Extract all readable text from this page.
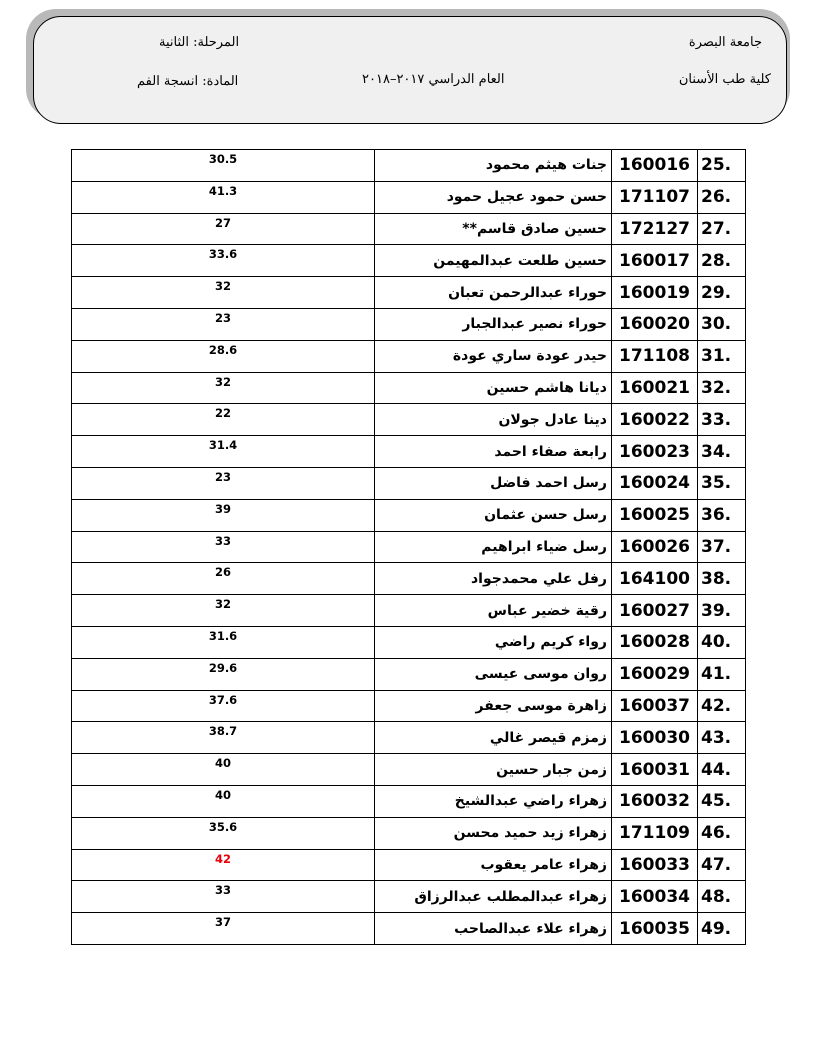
جامعة البصرة
كلية طب الأسنان
المرحلة: الثانية
المادة: انسجة الفم	العام الدراسي ٢٠١٧–٢٠١٨
30.5	جنات هيثم محمود	160016	25.
41.3	حسن حمود عجيل حمود	171107	26.
27	حسين صادق قاسم**	172127	27.
33.6	حسين طلعت عبدالمهيمن	160017	28.
32	حوراء عبدالرحمن تعبان	160019	29.
23	حوراء نصير عبدالجبار	160020	30.
28.6	حيدر عودة ساري عودة	171108	31.
32	ديانا هاشم حسين	160021	32.
22	دينا عادل جولان	160022	33.
31.4	رابعة صفاء احمد	160023	34.
23	رسل احمد فاضل	160024	35.
39	رسل حسن عثمان	160025	36.
33	رسل ضياء ابراهيم	160026	37.
26	رفل علي محمدجواد	164100	38.
32	رقية خضير عباس	160027	39.
31.6	رواء كريم راضي	160028	40.
29.6	روان موسى عيسى	160029	41.
37.6	زاهرة موسى جعفر	160037	42.
38.7	زمزم قيصر غالي	160030	43.
40	زمن جبار حسين	160031	44.
40	زهراء راضي عبدالشيخ	160032	45.
35.6	زهراء زيد حميد محسن	171109	46.
42	زهراء عامر يعقوب	160033	47.
33	زهراء عبدالمطلب عبدالرزاق	160034	48.
37	زهراء علاء عبدالصاحب	160035	49.
